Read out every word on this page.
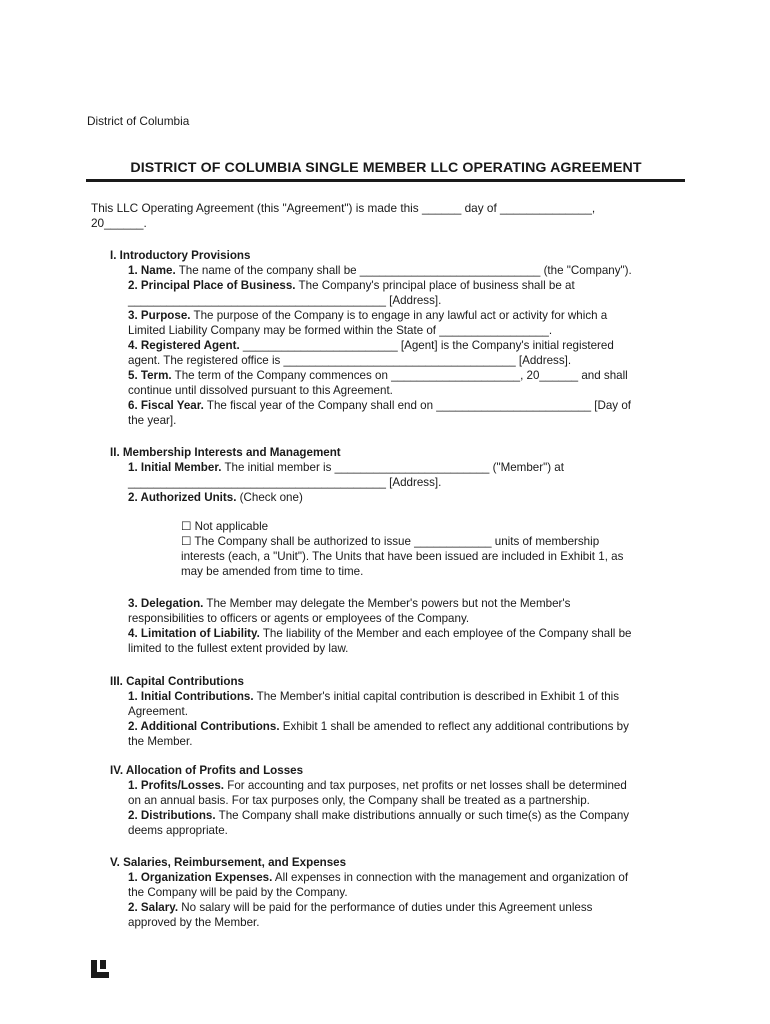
District of Columbia
DISTRICT OF COLUMBIA SINGLE MEMBER LLC OPERATING AGREEMENT
This LLC Operating Agreement (this "Agreement") is made this ______ day of ______________,
20______.
I. Introductory Provisions
1. Name. The name of the company shall be ____________________________ (the "Company").
2. Principal Place of Business. The Company's principal place of business shall be at
________________________________________ [Address].
3. Purpose. The purpose of the Company is to engage in any lawful act or activity for which a
Limited Liability Company may be formed within the State of _________________.
4. Registered Agent. ________________________ [Agent] is the Company's initial registered
agent. The registered office is ____________________________________ [Address].
5. Term. The term of the Company commences on ____________________, 20______ and shall
continue until dissolved pursuant to this Agreement.
6. Fiscal Year. The fiscal year of the Company shall end on ________________________ [Day of
the year].
II. Membership Interests and Management
1. Initial Member. The initial member is ________________________ ("Member") at
________________________________________ [Address].
2. Authorized Units. (Check one)
☐ Not applicable
☐ The Company shall be authorized to issue ____________ units of membership
interests (each, a "Unit"). The Units that have been issued are included in Exhibit 1, as
may be amended from time to time.
3. Delegation. The Member may delegate the Member's powers but not the Member's
responsibilities to officers or agents or employees of the Company.
4. Limitation of Liability. The liability of the Member and each employee of the Company shall be
limited to the fullest extent provided by law.
III. Capital Contributions
1. Initial Contributions. The Member's initial capital contribution is described in Exhibit 1 of this
Agreement.
2. Additional Contributions. Exhibit 1 shall be amended to reflect any additional contributions by
the Member.
IV. Allocation of Profits and Losses
1. Profits/Losses. For accounting and tax purposes, net profits or net losses shall be determined
on an annual basis. For tax purposes only, the Company shall be treated as a partnership.
2. Distributions. The Company shall make distributions annually or such time(s) as the Company
deems appropriate.
V. Salaries, Reimbursement, and Expenses
1. Organization Expenses. All expenses in connection with the management and organization of
the Company will be paid by the Company.
2. Salary. No salary will be paid for the performance of duties under this Agreement unless
approved by the Member.
